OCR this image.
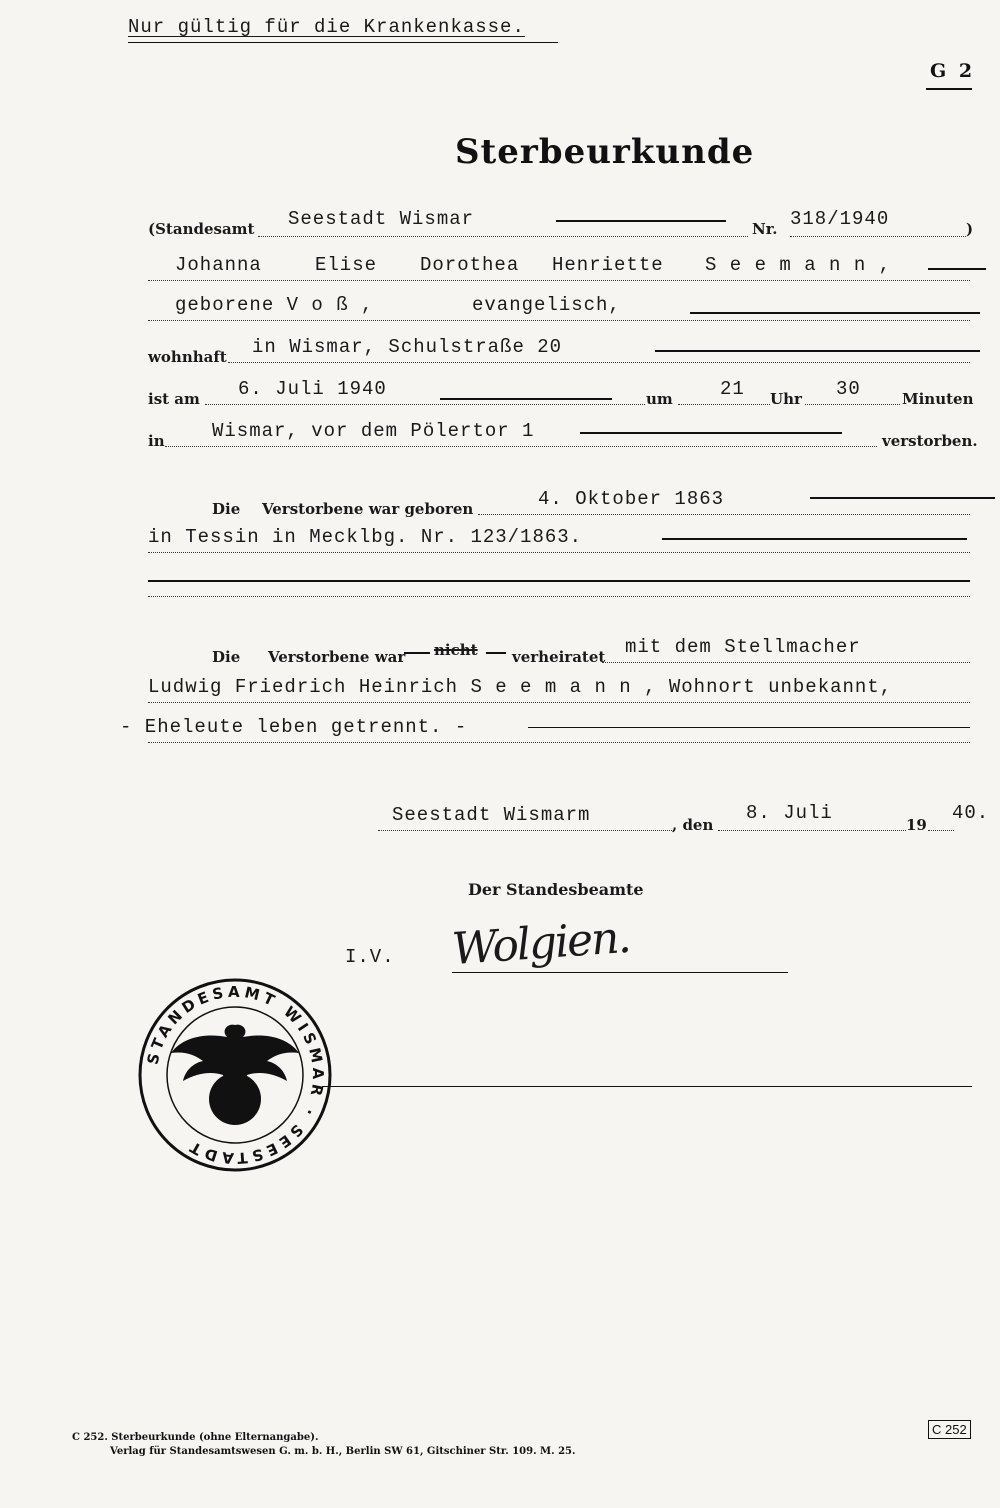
Nur gültig für die Krankenkasse.
G 2
Sterbeurkunde
(Standesamt Seestadt Wismar	Nr. 318/1940	)
Johanna	Elise Dorothea Henriette S e e m a n n ,
geborene V o ß ,	evangelisch,
wohnhaft in Wismar, Schulstraße 20
ist am 6. Juli 1940	um 21 Uhr 30	Minuten
in Wismar, vor dem Pölertor 1	verstorben.
Die Verstorbene war geboren	4. Oktober 1863
in Tessin in Mecklbg. Nr. 123/1863.
Die Verstorbene war nicht verheiratet mit dem Stellmacher
Ludwig Friedrich Heinrich S e e m a n n , Wohnort unbekannt,
- Eheleute leben getrennt. -
Seestadt Wismarm	, den
8. Juli
19
40.
Der Standesbeamte
I.V. Wolgien.
STANDESAMT WISMAR · SEESTADT
C 252. Sterbeurkunde (ohne Elternangabe).
Verlag für Standesamtswesen G. m. b. H., Berlin SW 61, Gitschiner Str. 109. M. 25.
C 252
